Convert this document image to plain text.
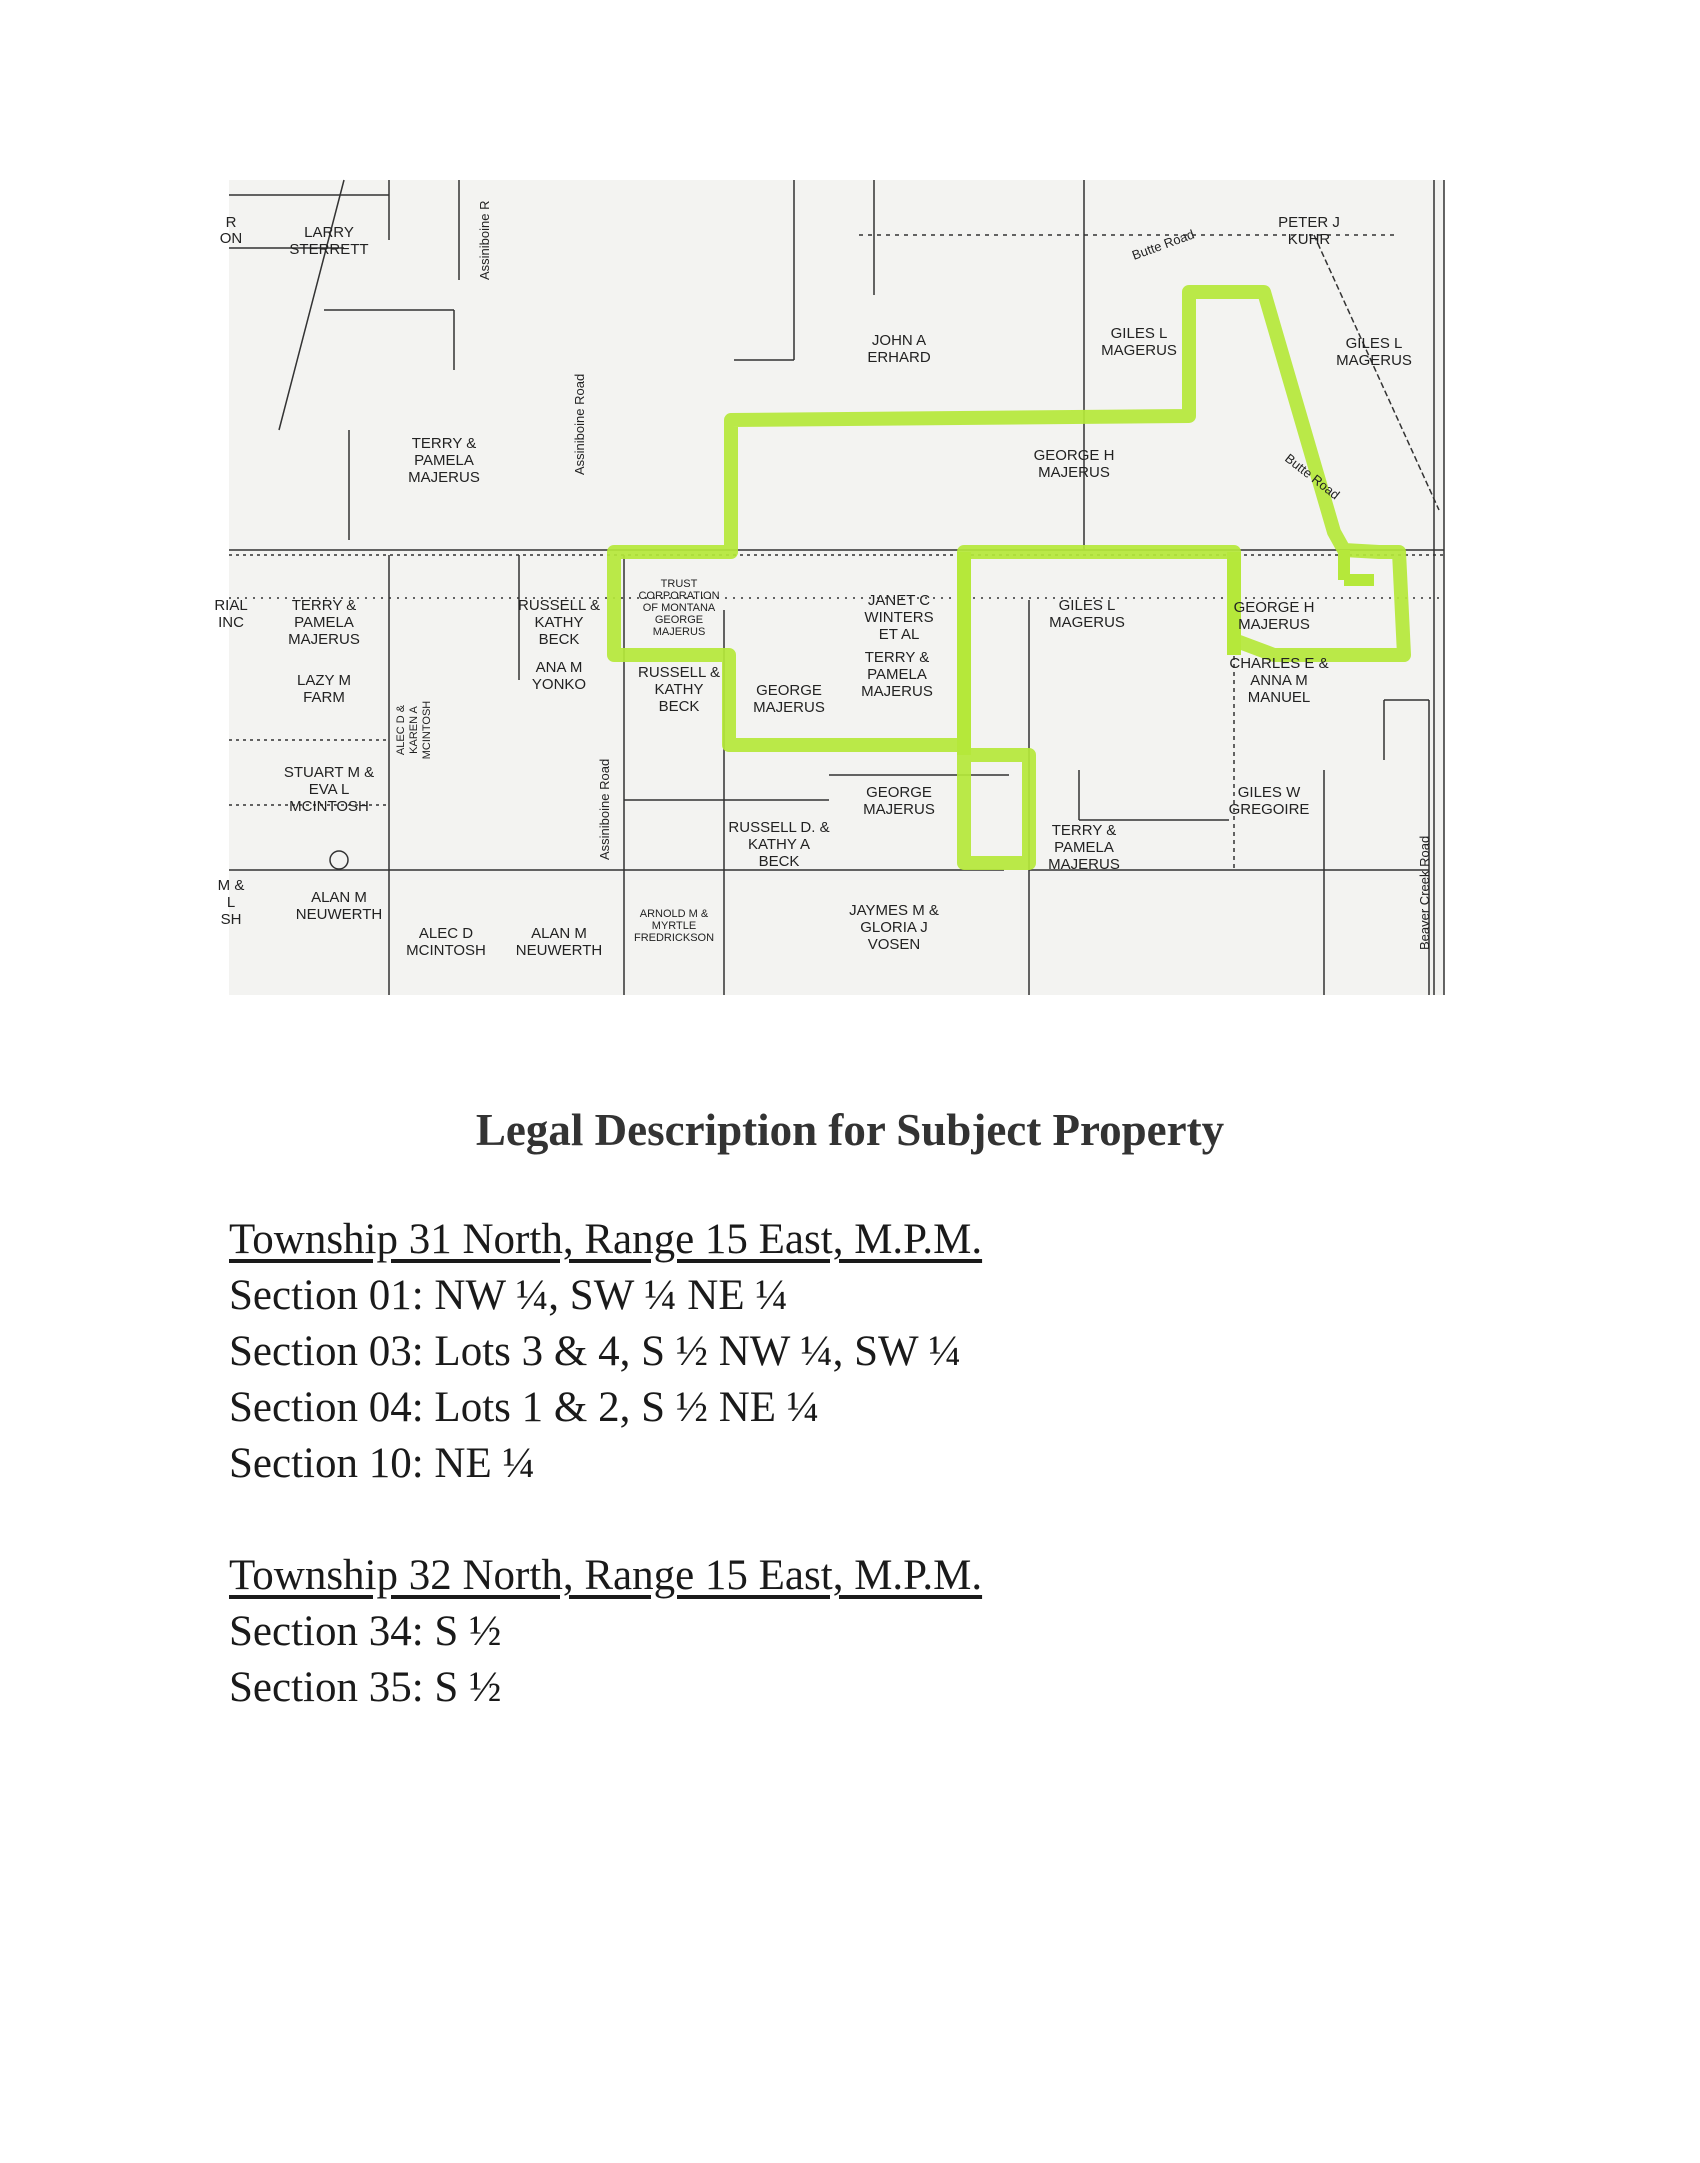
LARRY STERRETT
TERRY & PAMELA MAJERUS
JOHN A ERHARD
GILES L MAGERUS
PETER J KUHR
GILES L MAGERUS
GEORGE H MAJERUS
TERRY & PAMELA MAJERUS
LAZY M FARM
STUART M & EVA L MCINTOSH
ALAN M NEUWERTH
RUSSELL & KATHY BECK
ANA M YONKO
TRUST CORPORATION OF MONTANA GEORGE MAJERUS
RUSSELL & KATHY BECK
GEORGE MAJERUS
JANET C WINTERS ET AL
TERRY & PAMELA MAJERUS
GILES L MAGERUS
GEORGE H MAJERUS
CHARLES E & ANNA M MANUEL
GEORGE MAJERUS
RUSSELL D. & KATHY A BECK
TERRY & PAMELA MAJERUS
GILES W GREGOIRE
ALEC D MCINTOSH
ALAN M NEUWERTH
ARNOLD M & MYRTLE FREDRICKSON
JAYMES M & GLORIA J VOSEN
ALEC D &KAREN AMCINTOSH
Assiniboine R
Assiniboine Road
Assiniboine Road
Butte Road
Butte Road
Beaver Creek Road
R
ON
RIAL
INC
M &
L
SH
Legal Description for Subject Property
Township 31 North, Range 15 East, M.P.M.
Section 01: NW ¼, SW ¼ NE ¼
Section 03: Lots 3 & 4, S ½ NW ¼, SW ¼
Section 04: Lots 1 & 2, S ½ NE ¼
Section 10: NE ¼
Township 32 North, Range 15 East, M.P.M.
Section 34: S ½
Section 35: S ½
